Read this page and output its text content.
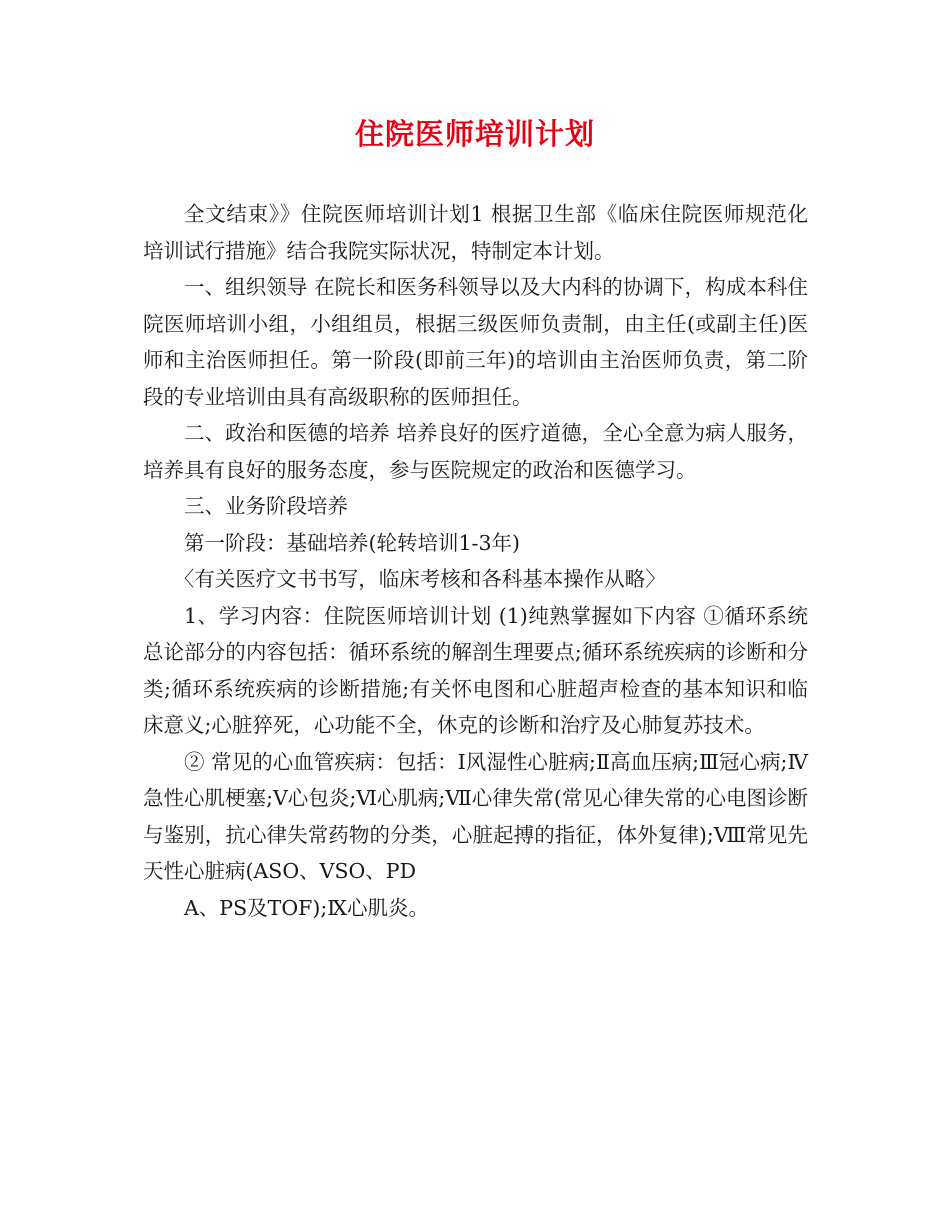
住院医师培训计划

全文结束》》住院医师培训计划1 根据卫生部《临床住院医师规范化培训试行措施》结合我院实际状况，特制定本计划。

一、组织领导 在院长和医务科领导以及大内科的协调下，构成本科住院医师培训小组，小组组员，根据三级医师负责制，由主任(或副主任)医师和主治医师担任。第一阶段(即前三年)的培训由主治医师负责，第二阶段的专业培训由具有高级职称的医师担任。

二、政治和医德的培养 培养良好的医疗道德，全心全意为病人服务，培养具有良好的服务态度，参与医院规定的政治和医德学习。

三、业务阶段培养

第一阶段：基础培养(轮转培训1-3年)

〈有关医疗文书书写，临床考核和各科基本操作从略〉

1、学习内容：住院医师培训计划 (1)纯熟掌握如下内容 ①循环系统总论部分的内容包括：循环系统的解剖生理要点;循环系统疾病的诊断和分类;循环系统疾病的诊断措施;有关怀电图和心脏超声检查的基本知识和临床意义;心脏猝死，心功能不全，休克的诊断和治疗及心肺复苏技术。

② 常见的心血管疾病：包括：Ⅰ风湿性心脏病;Ⅱ高血压病;Ⅲ冠心病;Ⅳ急性心肌梗塞;Ⅴ心包炎;Ⅵ心肌病;Ⅶ心律失常(常见心律失常的心电图诊断与鉴别，抗心律失常药物的分类，心脏起搏的指征，体外复律);Ⅷ常见先天性心脏病(ASO、VSO、PD

A、PS及TOF);Ⅸ心肌炎。
